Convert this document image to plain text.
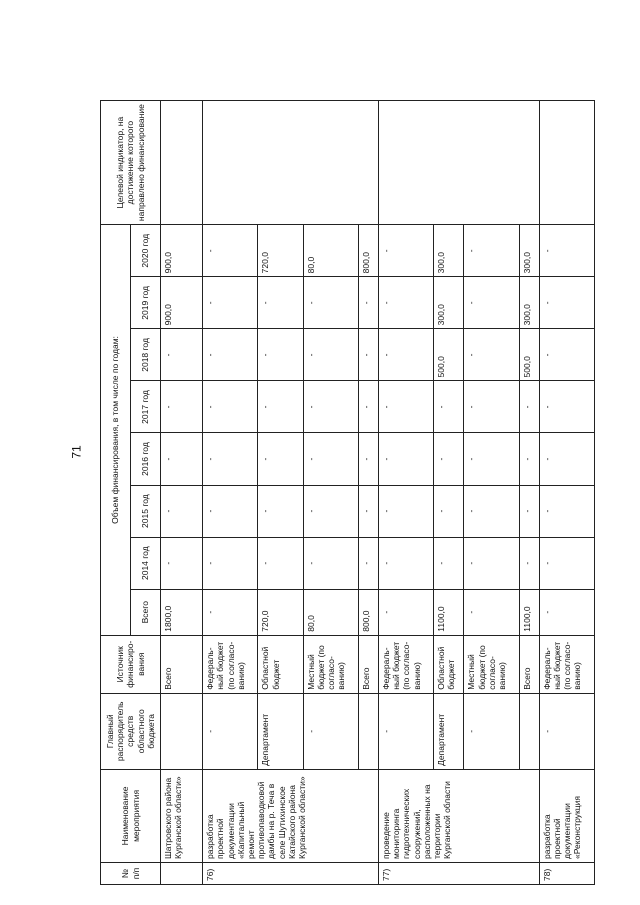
71
№ п/п	Наименование мероприятия	Главный распорядитель средств областного бюджета	Источник финансиро-вания	Объем финансирования, в том числе по годам:								Целевой индикатор, на достижение которого направлено финансирование
				Всего	2014 год	2015 год	2016 год	2017 год	2018 год	2019 год	2020 год	
	Шатровского района Курганской области»		Всего	1800,0	-	-	-	-	-	900,0	900,0	
76)	разработка проектной документации «Капитальный ремонт противопаводковой дамбы на р. Теча в селе Шутихинское Катайского района Курганской области»	-	Федераль-ный бюджет (по согласо-ванию)	-	-	-	-	-	-	-	-	
		Департамент	Областной бюджет	720,0	-	-	-	-	-	-	720,0	
		-	Местный бюджет (по согласо-ванию)	80,0	-	-	-	-	-	-	80,0	
			Всего	800,0	-	-	-	-	-	-	800,0	
77)	проведение мониторинга гидротехнических сооружений, расположенных на территории Курганской области	-	Федераль-ный бюджет (по согласо-ванию)	-	-	-	-	-	-	-	-	
		Департамент	Областной бюджет	1100,0	-	-	-	-	500,0	300,0	300,0	
		-	Местный бюджет (по согласо-ванию)	-	-	-	-	-	-	-	-	
			Всего	1100,0	-	-	-	-	500,0	300,0	300,0	
78)	разработка проектной документации «Реконструкция	-	Федераль-ный бюджет (по согласо-ванию)	-	-	-	-	-	-	-	-	
